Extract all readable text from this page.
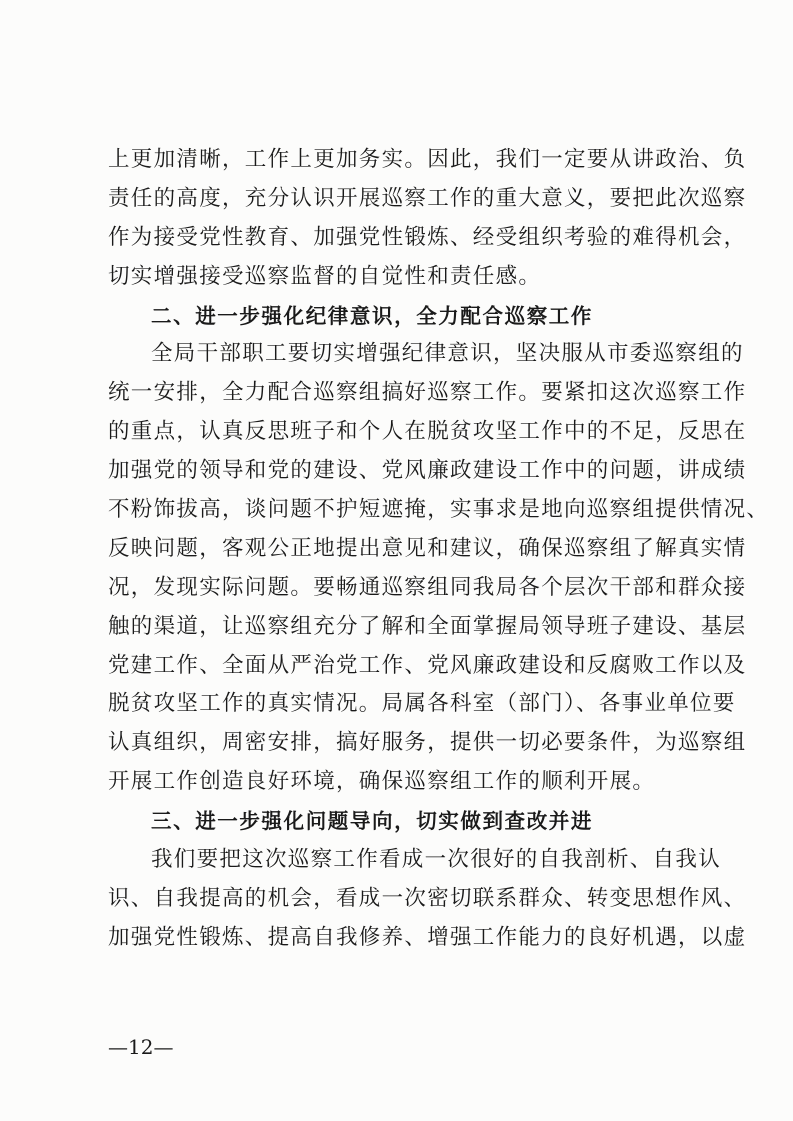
上更加清晰，工作上更加务实。因此，我们一定要从讲政治、负
责任的高度，充分认识开展巡察工作的重大意义，要把此次巡察
作为接受党性教育、加强党性锻炼、经受组织考验的难得机会，
切实增强接受巡察监督的自觉性和责任感。
二、进一步强化纪律意识，全力配合巡察工作
全局干部职工要切实增强纪律意识，坚决服从市委巡察组的
统一安排，全力配合巡察组搞好巡察工作。要紧扣这次巡察工作
的重点，认真反思班子和个人在脱贫攻坚工作中的不足，反思在
加强党的领导和党的建设、党风廉政建设工作中的问题，讲成绩
不粉饰拔高，谈问题不护短遮掩，实事求是地向巡察组提供情况、
反映问题，客观公正地提出意见和建议，确保巡察组了解真实情
况，发现实际问题。要畅通巡察组同我局各个层次干部和群众接
触的渠道，让巡察组充分了解和全面掌握局领导班子建设、基层
党建工作、全面从严治党工作、党风廉政建设和反腐败工作以及
脱贫攻坚工作的真实情况。局属各科室（部门）、各事业单位要
认真组织，周密安排，搞好服务，提供一切必要条件，为巡察组
开展工作创造良好环境，确保巡察组工作的顺利开展。
三、进一步强化问题导向，切实做到查改并进
我们要把这次巡察工作看成一次很好的自我剖析、自我认
识、自我提高的机会，看成一次密切联系群众、转变思想作风、
加强党性锻炼、提高自我修养、增强工作能力的良好机遇，以虚
—12—
